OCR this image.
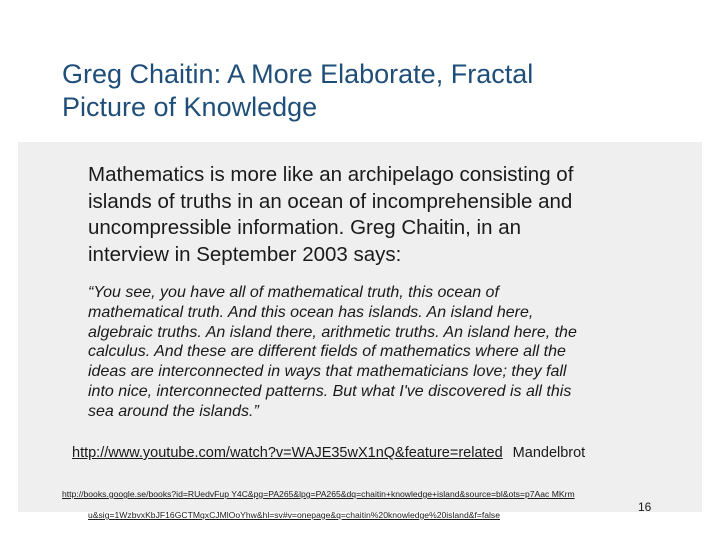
Greg Chaitin: A More Elaborate, Fractal
Picture of Knowledge
Mathematics is more like an archipelago consisting of
islands of truths in an ocean of incomprehensible and
uncompressible information. Greg Chaitin, in an
interview in September 2003 says:
“You see, you have all of mathematical truth, this ocean of
mathematical truth. And this ocean has islands. An island here,
algebraic truths. An island there, arithmetic truths. An island here, the
calculus. And these are different fields of mathematics where all the
ideas are interconnected in ways that mathematicians love; they fall
into nice, interconnected patterns. But what I've discovered is all this
sea around the islands.”
http://www.youtube.com/watch?v=WAJE35wX1nQ&feature=related Mandelbrot
http://books.google.se/books?id=RUedvFup Y4C&pg=PA265&lpg=PA265&dq=chaitin+knowledge+island&source=bl&ots=p7Aac MKrm
u&sig=1WzbvxKbJF16GCTMqxCJMlOoYhw&hl=sv#v=onepage&q=chaitin%20knowledge%20island&f=false
16
